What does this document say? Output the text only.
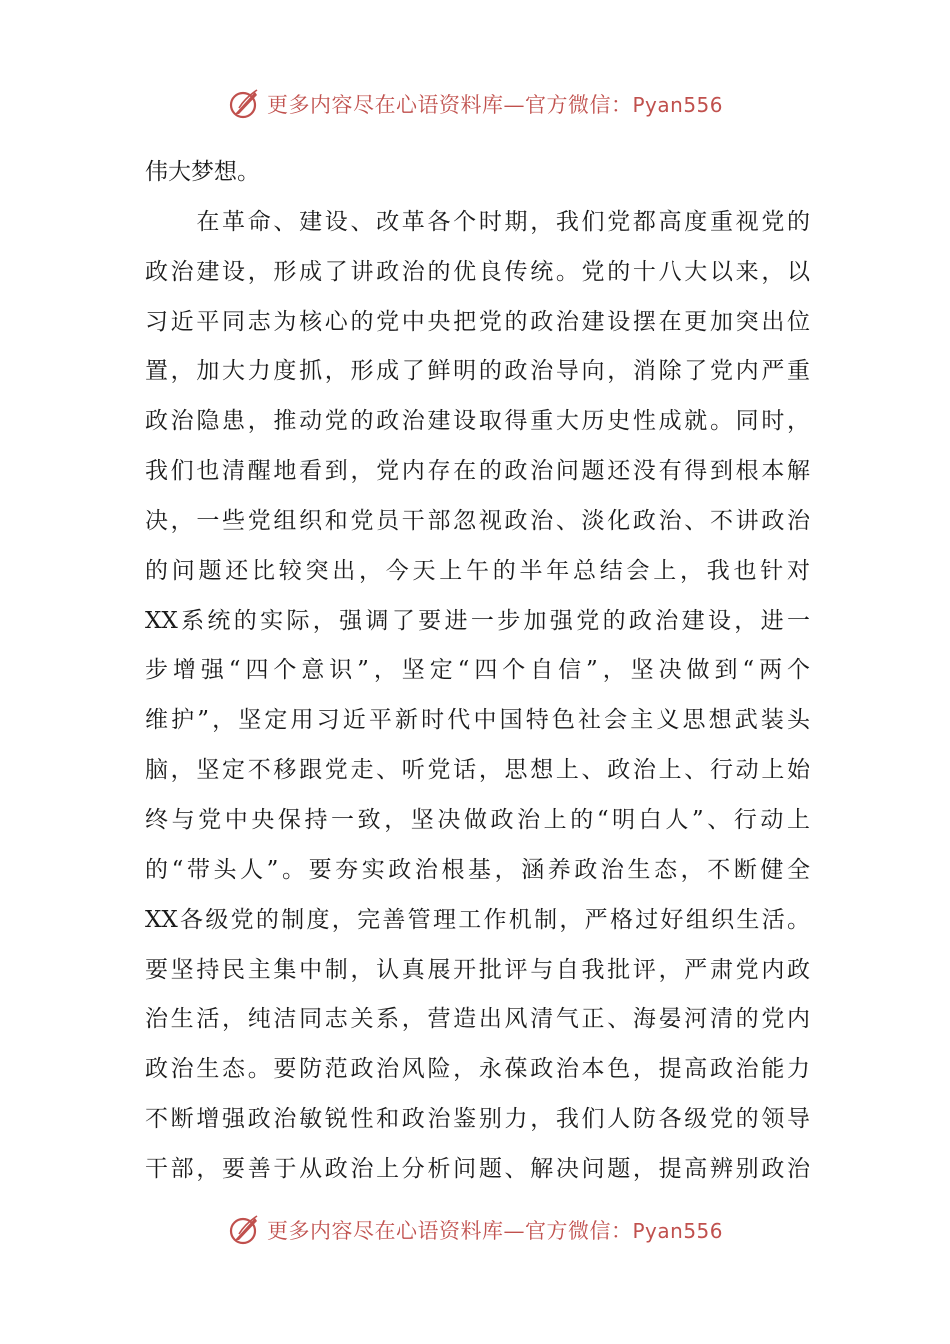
更多内容尽在心语资料库—官方微信：Pyan556
伟大梦想。
　　在革命、建设、改革各个时期，我们党都高度重视党的
政治建设，形成了讲政治的优良传统。党的十八大以来，以
习近平同志为核心的党中央把党的政治建设摆在更加突出位
置，加大力度抓，形成了鲜明的政治导向，消除了党内严重
政治隐患，推动党的政治建设取得重大历史性成就。同时，
我们也清醒地看到，党内存在的政治问题还没有得到根本解
决，一些党组织和党员干部忽视政治、淡化政治、不讲政治
的问题还比较突出，今天上午的半年总结会上，我也针对
XX系统的实际，强调了要进一步加强党的政治建设，进一
步增强“四个意识”，坚定“四个自信”，坚决做到“两个
维护”，坚定用习近平新时代中国特色社会主义思想武装头
脑，坚定不移跟党走、听党话，思想上、政治上、行动上始
终与党中央保持一致，坚决做政治上的“明白人”、行动上
的“带头人”。要夯实政治根基，涵养政治生态，不断健全
XX各级党的制度，完善管理工作机制，严格过好组织生活。
要坚持民主集中制，认真展开批评与自我批评，严肃党内政
治生活，纯洁同志关系，营造出风清气正、海晏河清的党内
政治生态。要防范政治风险，永葆政治本色，提高政治能力
不断增强政治敏锐性和政治鉴别力，我们人防各级党的领导
干部，要善于从政治上分析问题、解决问题，提高辨别政治
更多内容尽在心语资料库—官方微信：Pyan556
